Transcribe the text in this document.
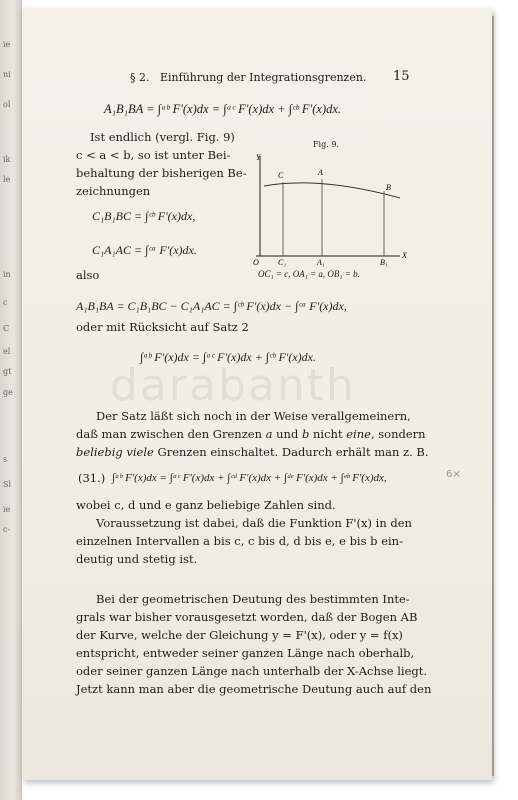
ie
ni
ol
ik
le
in
c
C
el
gt
ge
s
Sl
ie
c-
darabanth
§ 2. Einführung der Integrationsgrenzen. 15
A₁B₁BA = ∫ᵃᵇ F'(x)dx = ∫ᵃᶜ F'(x)dx + ∫ᶜᵇ F'(x)dx.
Ist endlich (vergl. Fig. 9)
c < a < b, so ist unter Bei-
behaltung der bisherigen Be-
zeichnungen
C₁B₁BC = ∫ᶜᵇ F'(x)dx,
C₁A₁AC = ∫ᶜᵃ F'(x)dx.
also
Fig. 9.
Y
X
C	A
B
O C₁	A₁	B₁
OC₁ = c, OA₁ = a, OB₁ = b.
A₁B₁BA = C₁B₁BC − C₁A₁AC = ∫ᶜᵇ F'(x)dx − ∫ᶜᵃ F'(x)dx,
oder mit Rücksicht auf Satz 2
∫ᵃᵇ F'(x)dx = ∫ᵃᶜ F'(x)dx + ∫ᶜᵇ F'(x)dx.
Der Satz läßt sich noch in der Weise verallgemeinern,
daß man zwischen den Grenzen a und b nicht eine, sondern
beliebig viele Grenzen einschaltet. Dadurch erhält man z. B.
(31.) ∫ᵃᵇ F'(x)dx = ∫ᵃᶜ F'(x)dx + ∫ᶜᵈ F'(x)dx + ∫ᵈᵉ F'(x)dx + ∫ᵉᵇ F'(x)dx,	6×
wobei c, d und e ganz beliebige Zahlen sind.
Voraussetzung ist dabei, daß die Funktion F'(x) in den
einzelnen Intervallen a bis c, c bis d, d bis e, e bis b ein-
deutig und stetig ist.
Bei der geometrischen Deutung des bestimmten Inte-
grals war bisher vorausgesetzt worden, daß der Bogen AB
der Kurve, welche der Gleichung y = F'(x), oder y = f(x)
entspricht, entweder seiner ganzen Länge nach oberhalb,
oder seiner ganzen Länge nach unterhalb der X-Achse liegt.
Jetzt kann man aber die geometrische Deutung auch auf den
